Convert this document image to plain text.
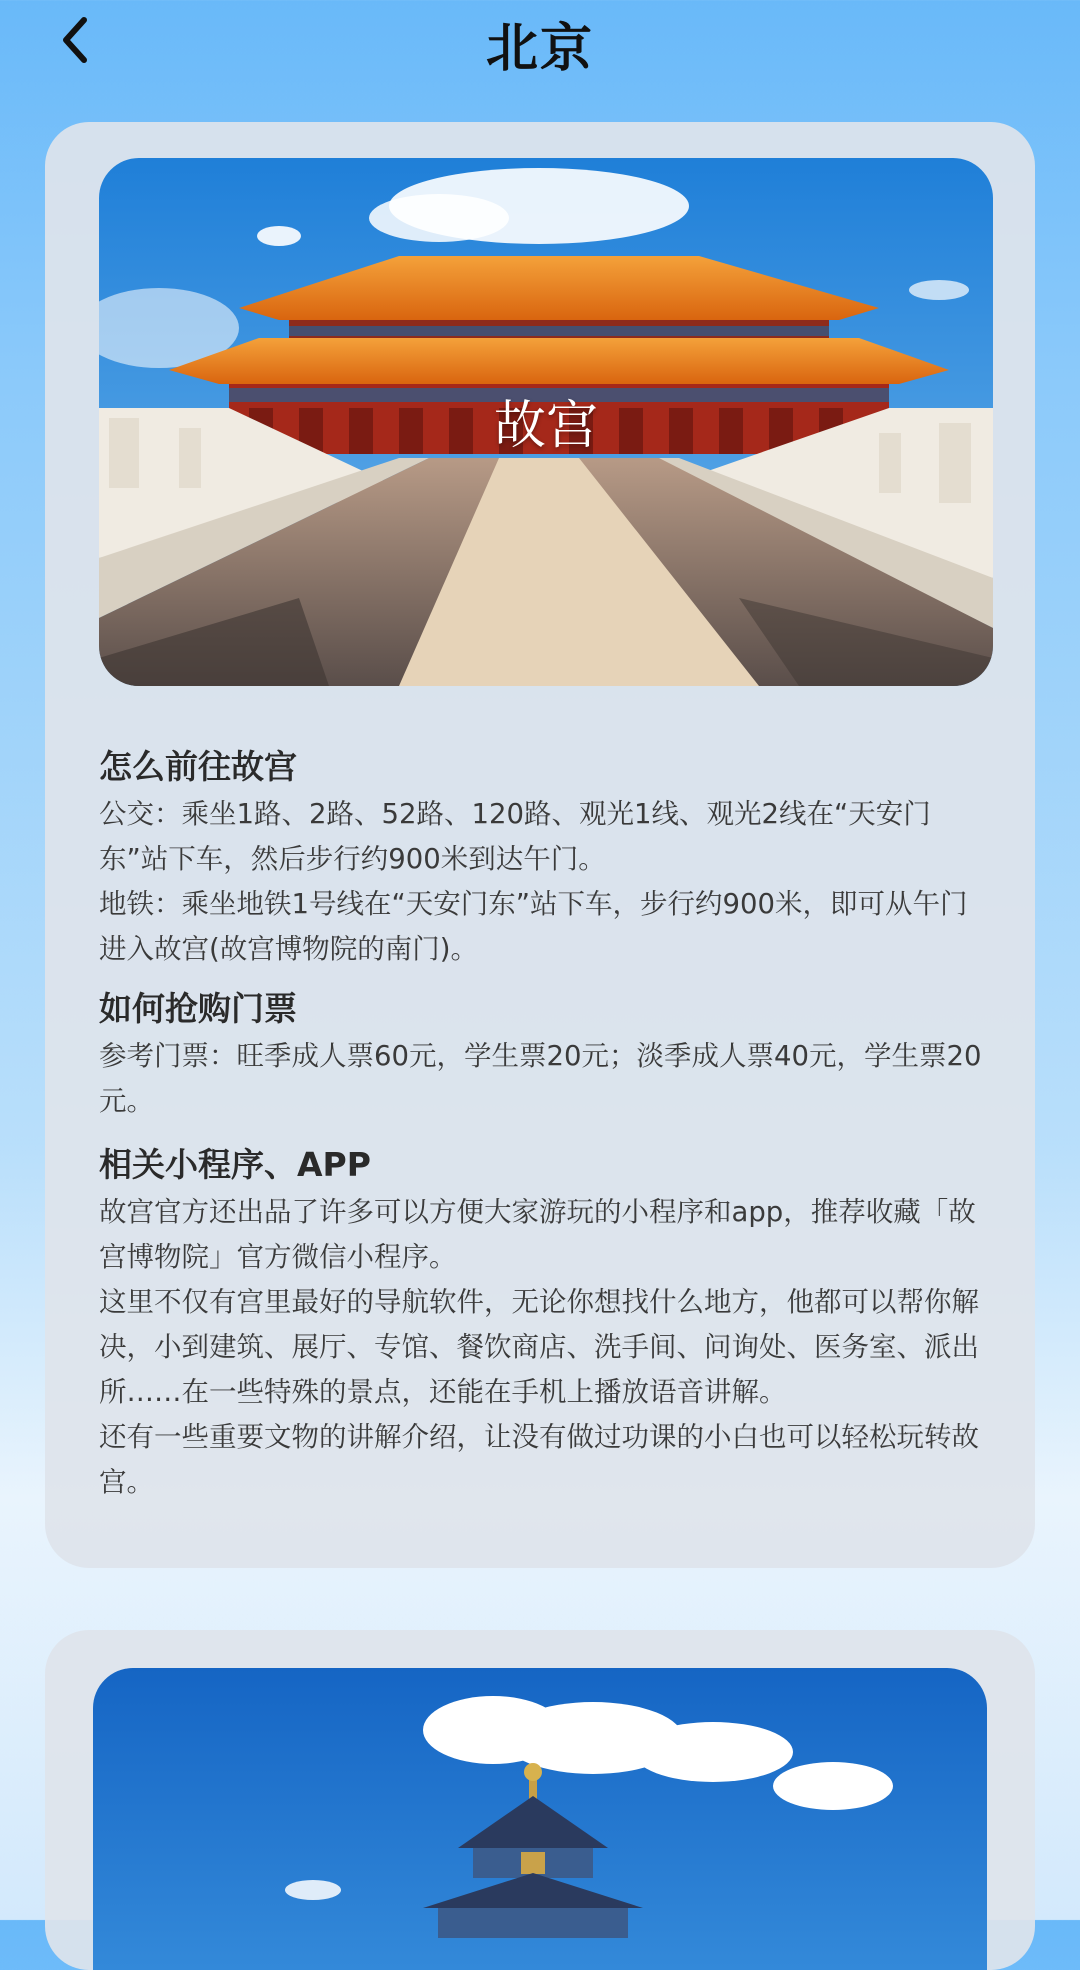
北京
故宫
怎么前往故宫

公交：乘坐1路、2路、52路、120路、观光1线、观光2线在“天安门东”站下车，然后步行约900米到达午门。

地铁：乘坐地铁1号线在“天安门东”站下车，步行约900米，即可从午门进入故宫(故宫博物院的南门)。

如何抢购门票

参考门票：旺季成人票60元，学生票20元；淡季成人票40元，学生票20元。

相关小程序、APP

故宫官方还出品了许多可以方便大家游玩的小程序和app，推荐收藏「故宫博物院」官方微信小程序。

这里不仅有宫里最好的导航软件，无论你想找什么地方，他都可以帮你解决，小到建筑、展厅、专馆、餐饮商店、洗手间、问询处、医务室、派出所……在一些特殊的景点，还能在手机上播放语音讲解。

还有一些重要文物的讲解介绍，让没有做过功课的小白也可以轻松玩转故宫。
